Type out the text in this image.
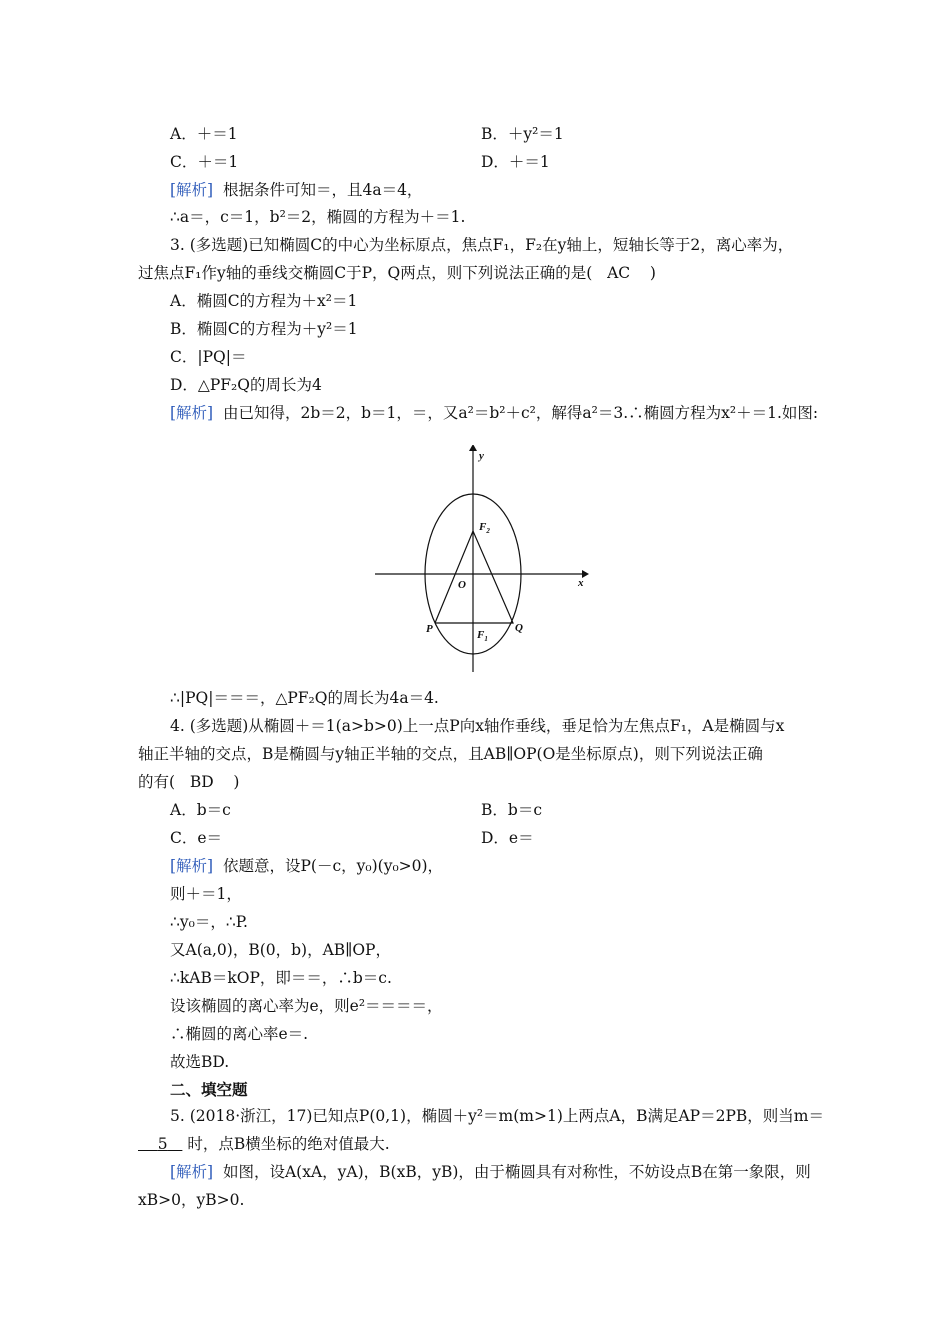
A．＋＝1	B．＋y²＝1
C．＋＝1	D．＋＝1
[解析] 根据条件可知＝，且4a＝4，
∴a＝，c＝1，b²＝2，椭圆的方程为＋＝1.
3. (多选题)已知椭圆C的中心为坐标原点，焦点F₁，F₂在y轴上，短轴长等于2，离心率为，
过焦点F₁作y轴的垂线交椭圆C于P，Q两点，则下列说法正确的是( AC )
A．椭圆C的方程为＋x²＝1
B．椭圆C的方程为＋y²＝1
C．|PQ|＝
D．△PF₂Q的周长为4
[解析] 由已知得，2b＝2，b＝1，＝，又a²＝b²＋c²，解得a²＝3.∴椭圆方程为x²＋＝1.如图:
y
x
O
$F_2$
$F_1$
P	Q
∴|PQ|＝＝＝，△PF₂Q的周长为4a＝4.
4. (多选题)从椭圆＋＝1(a>b>0)上一点P向x轴作垂线，垂足恰为左焦点F₁，A是椭圆与x
轴正半轴的交点，B是椭圆与y轴正半轴的交点，且AB∥OP(O是坐标原点)，则下列说法正确
的有( BD )
A．b＝c	B．b＝c
C．e＝	D．e＝
[解析] 依题意，设P(－c，y₀)(y₀>0)，
则＋＝1，
∴y₀＝，∴P.
又A(a,0)，B(0，b)，AB∥OP，
∴kAB＝kOP，即＝＝，∴b＝c.
设该椭圆的离心率为e，则e²＝＝＝＝，
∴椭圆的离心率e＝.
故选BD.
二、填空题
5. (2018·浙江，17)已知点P(0,1)，椭圆＋y²＝m(m>1)上两点A，B满足AP＝2PB，则当m＝
5 时，点B横坐标的绝对值最大.
[解析] 如图，设A(xA，yA)，B(xB，yB)，由于椭圆具有对称性，不妨设点B在第一象限，则
xB>0，yB>0.
